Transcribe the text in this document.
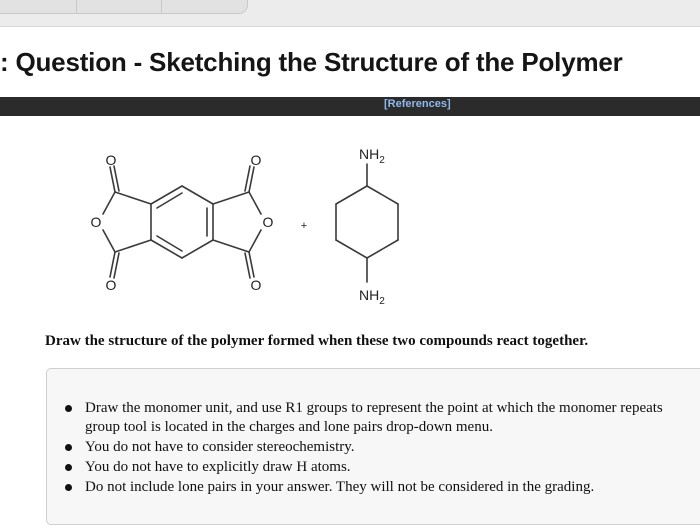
: Question - Sketching the Structure of the Polymer
[References]
O
O
O
O
O
O
+
$NH_2$
$NH_2$

Draw the structure of the polymer formed when these two compounds react together.

Draw the monomer unit, and use R1 groups to represent the point at which the monomer repeats
group tool is located in the charges and lone pairs drop-down menu.
You do not have to consider stereochemistry.
You do not have to explicitly draw H atoms.
Do not include lone pairs in your answer. They will not be considered in the grading.
